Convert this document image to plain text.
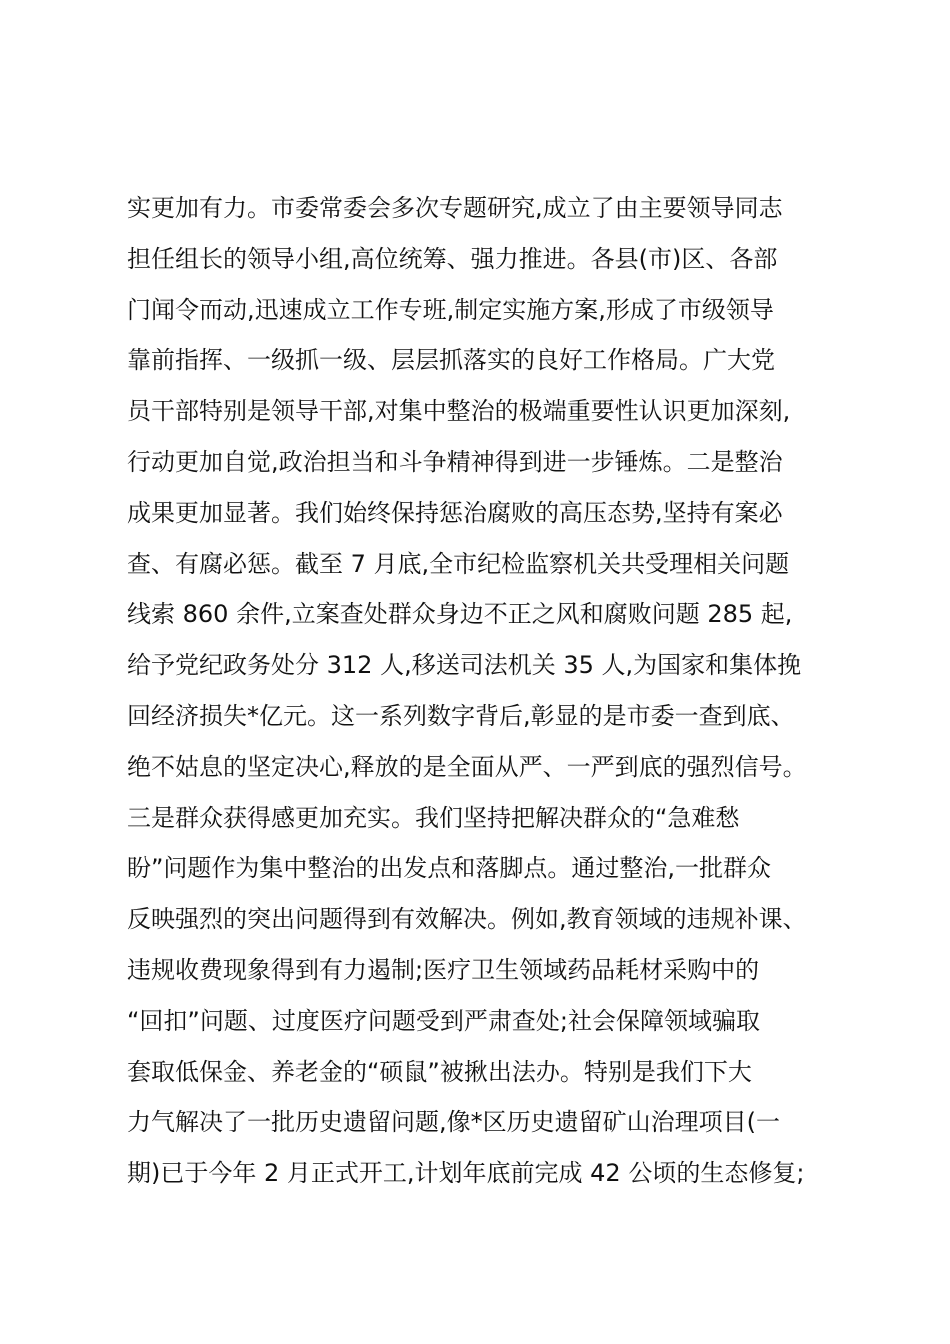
实更加有力。市委常委会多次专题研究,成立了由主要领导同志
担任组长的领导小组,高位统筹、强力推进。各县(市)区、各部
门闻令而动,迅速成立工作专班,制定实施方案,形成了市级领导
靠前指挥、一级抓一级、层层抓落实的良好工作格局。广大党
员干部特别是领导干部,对集中整治的极端重要性认识更加深刻,
行动更加自觉,政治担当和斗争精神得到进一步锤炼。二是整治
成果更加显著。我们始终保持惩治腐败的高压态势,坚持有案必
查、有腐必惩。截至 7 月底,全市纪检监察机关共受理相关问题
线索 860 余件,立案查处群众身边不正之风和腐败问题 285 起,
给予党纪政务处分 312 人,移送司法机关 35 人,为国家和集体挽
回经济损失*亿元。这一系列数字背后,彰显的是市委一查到底、
绝不姑息的坚定决心,释放的是全面从严、一严到底的强烈信号。
三是群众获得感更加充实。我们坚持把解决群众的“急难愁
盼”问题作为集中整治的出发点和落脚点。通过整治,一批群众
反映强烈的突出问题得到有效解决。例如,教育领域的违规补课、
违规收费现象得到有力遏制;医疗卫生领域药品耗材采购中的
“回扣”问题、过度医疗问题受到严肃查处;社会保障领域骗取
套取低保金、养老金的“硕鼠”被揪出法办。特别是我们下大
力气解决了一批历史遗留问题,像*区历史遗留矿山治理项目(一
期)已于今年 2 月正式开工,计划年底前完成 42 公顷的生态修复;
